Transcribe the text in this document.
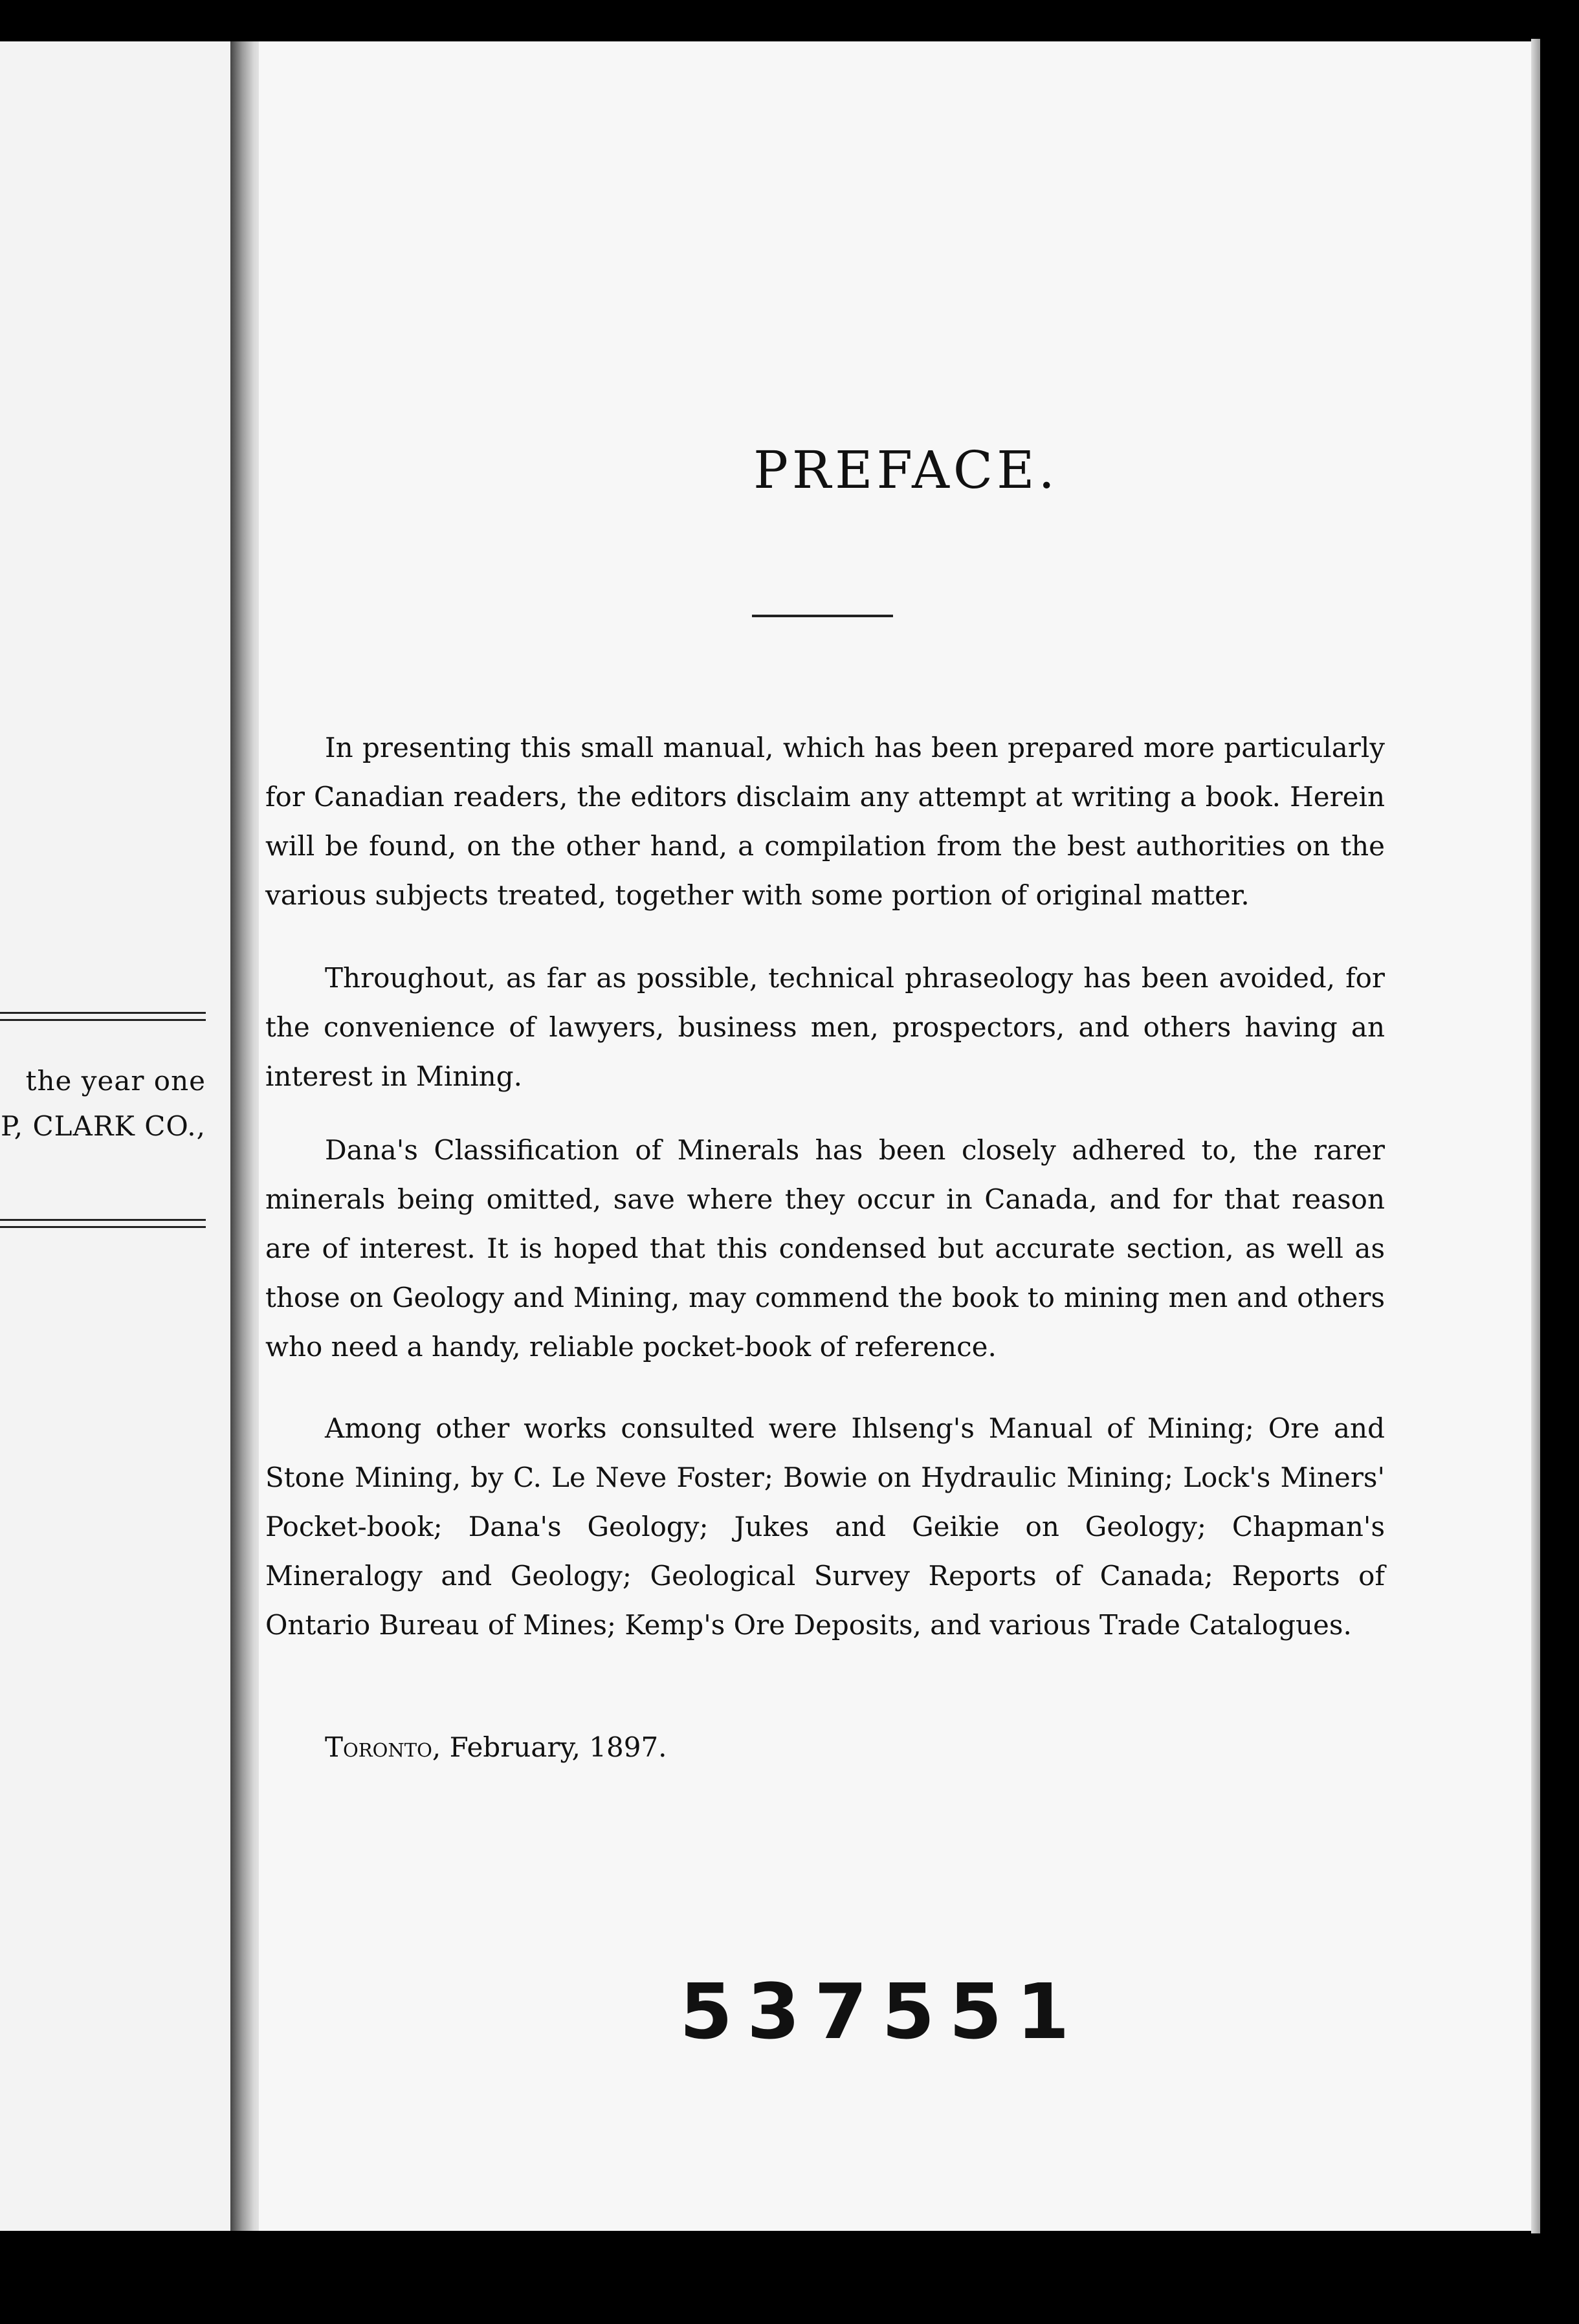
the year one
P, CLARK CO.,
PREFACE.

In presenting this small manual, which has been prepared more particularly for Canadian readers, the editors disclaim any attempt at writing a book. Herein will be found, on the other hand, a compilation from the best authorities on the various subjects treated, together with some portion of original matter.

Throughout, as far as possible, technical phraseology has been avoided, for the convenience of lawyers, business men, prospectors, and others having an interest in Mining.

Dana's Classification of Minerals has been closely adhered to, the rarer minerals being omitted, save where they occur in Canada, and for that reason are of interest. It is hoped that this condensed but accurate section, as well as those on Geology and Mining, may commend the book to mining men and others who need a handy, reliable pocket-book of reference.

Among other works consulted were Ihlseng's Manual of Mining; Ore and Stone Mining, by C. Le Neve Foster; Bowie on Hydraulic Mining; Lock's Miners' Pocket-book; Dana's Geology; Jukes and Geikie on Geology; Chapman's Mineralogy and Geology; Geological Survey Reports of Canada; Reports of Ontario Bureau of Mines; Kemp's Ore Deposits, and various Trade Catalogues.

Toronto, February, 1897.
537551
